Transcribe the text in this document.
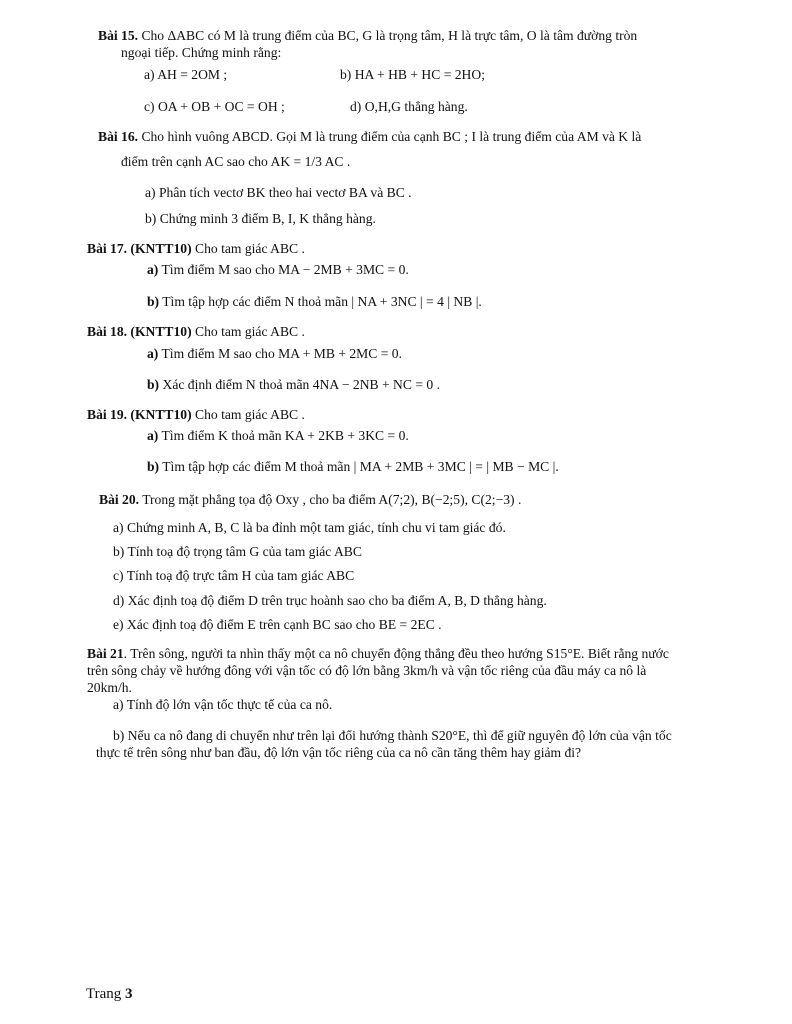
Bài 15. Cho ΔABC có M là trung điểm của BC, G là trọng tâm, H là trực tâm, O là tâm đường tròn
ngoại tiếp. Chứng minh rằng:
a) AH = 2OM ;	b) HA + HB + HC = 2HO;
c) OA + OB + OC = OH ;	d) O,H,G thẳng hàng.
Bài 16. Cho hình vuông ABCD. Gọi M là trung điểm của cạnh BC ; I là trung điểm của AM và K là
điểm trên cạnh AC sao cho AK = 1/3 AC .
a) Phân tích vectơ BK theo hai vectơ BA và BC .
b) Chứng minh 3 điểm B, I, K thẳng hàng.
Bài 17. (KNTT10) Cho tam giác ABC .
a) Tìm điểm M sao cho MA − 2MB + 3MC = 0.
b) Tìm tập hợp các điểm N thoả mãn | NA + 3NC | = 4 | NB |.
Bài 18. (KNTT10) Cho tam giác ABC .
a) Tìm điểm M sao cho MA + MB + 2MC = 0.
b) Xác định điểm N thoả mãn 4NA − 2NB + NC = 0 .
Bài 19. (KNTT10) Cho tam giác ABC .
a) Tìm điểm K thoả mãn KA + 2KB + 3KC = 0.
b) Tìm tập hợp các điểm M thoả mãn | MA + 2MB + 3MC | = | MB − MC |.
Bài 20. Trong mặt phẳng tọa độ Oxy , cho ba điểm A(7;2), B(−2;5), C(2;−3) .
a) Chứng minh A, B, C là ba đỉnh một tam giác, tính chu vi tam giác đó.
b) Tính toạ độ trọng tâm G của tam giác ABC
c) Tính toạ độ trực tâm H của tam giác ABC
d) Xác định toạ độ điểm D trên trục hoành sao cho ba điểm A, B, D thẳng hàng.
e) Xác định toạ độ điểm E trên cạnh BC sao cho BE = 2EC .
Bài 21. Trên sông, người ta nhìn thấy một ca nô chuyển động thẳng đều theo hướng S15°E. Biết rằng nước
trên sông chảy về hướng đông với vận tốc có độ lớn bằng 3km/h và vận tốc riêng của đầu máy ca nô là
20km/h.
a) Tính độ lớn vận tốc thực tế của ca nô.
b) Nếu ca nô đang di chuyển như trên lại đổi hướng thành S20°E, thì để giữ nguyên độ lớn của vận tốc
thực tế trên sông như ban đầu, độ lớn vận tốc riêng của ca nô cần tăng thêm hay giảm đi?
Trang 3
